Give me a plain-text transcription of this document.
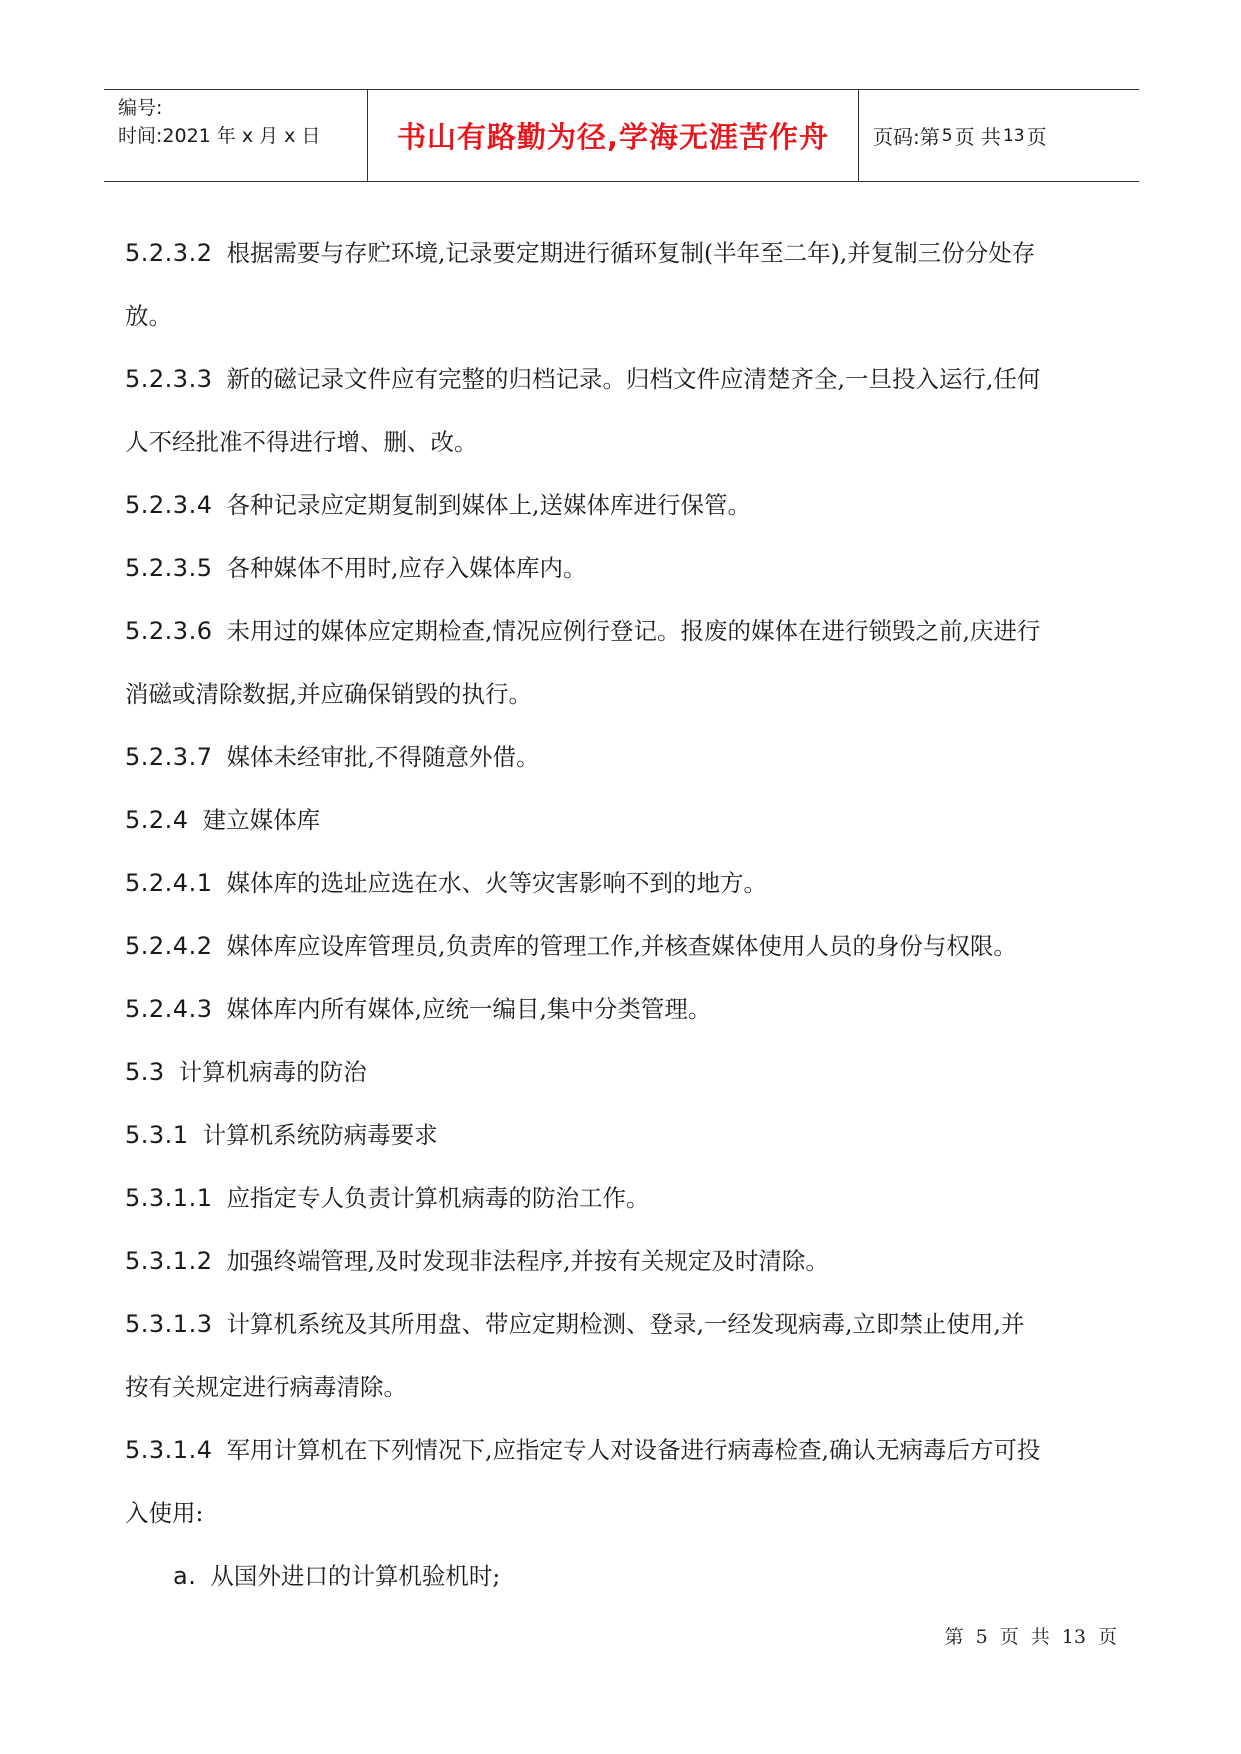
编号:
时间:2021 年 x 月 x 日	书山有路勤为径,学海无涯苦作舟	页码:第 5 页 共 13 页

5.2.3.2 根据需要与存贮环境,记录要定期进行循环复制(半年至二年),并复制三份分处存
放。

5.2.3.3 新的磁记录文件应有完整的归档记录。归档文件应清楚齐全,一旦投入运行,任何
人不经批准不得进行增、删、改。

5.2.3.4 各种记录应定期复制到媒体上,送媒体库进行保管。

5.2.3.5 各种媒体不用时,应存入媒体库内。

5.2.3.6 未用过的媒体应定期检查,情况应例行登记。报废的媒体在进行锁毁之前,庆进行
消磁或清除数据,并应确保销毁的执行。

5.2.3.7 媒体未经审批,不得随意外借。

5.2.4 建立媒体库

5.2.4.1 媒体库的选址应选在水、火等灾害影响不到的地方。

5.2.4.2 媒体库应设库管理员,负责库的管理工作,并核查媒体使用人员的身份与权限。

5.2.4.3 媒体库内所有媒体,应统一编目,集中分类管理。

5.3 计算机病毒的防治

5.3.1 计算机系统防病毒要求

5.3.1.1 应指定专人负责计算机病毒的防治工作。

5.3.1.2 加强终端管理,及时发现非法程序,并按有关规定及时清除。

5.3.1.3 计算机系统及其所用盘、带应定期检测、登录,一经发现病毒,立即禁止使用,并
按有关规定进行病毒清除。

5.3.1.4 军用计算机在下列情况下,应指定专人对设备进行病毒检查,确认无病毒后方可投
入使用:

a. 从国外进口的计算机验机时;

第 5 页 共 13 页
